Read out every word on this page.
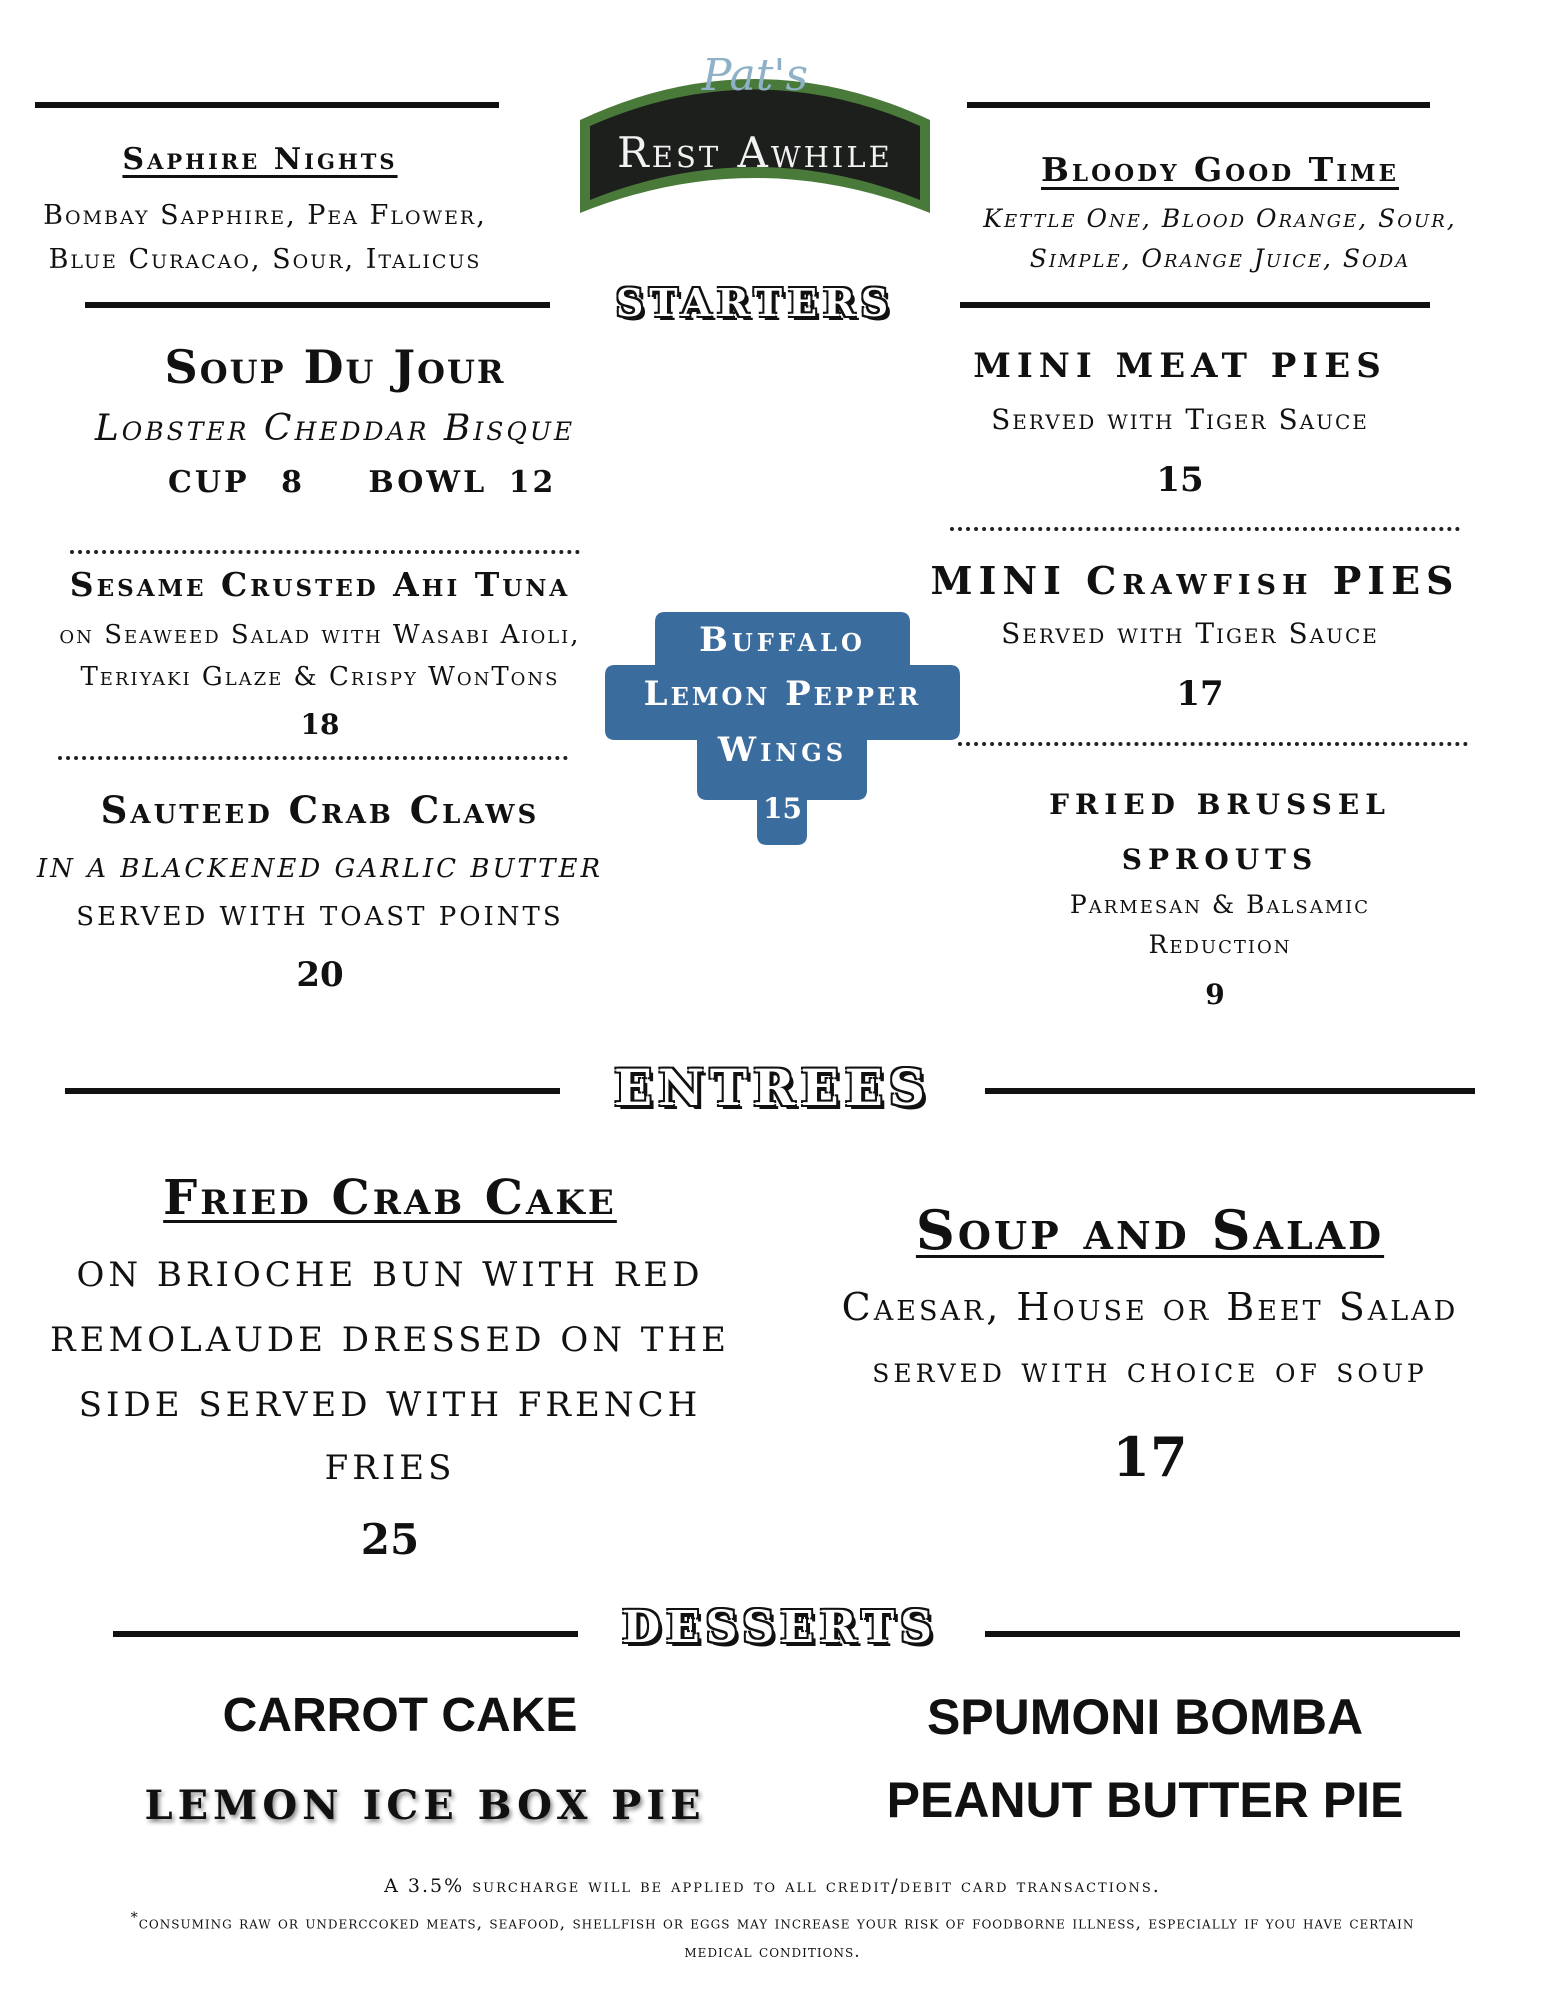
Pat's
Rest Awhile
Saphire Nights
Bombay Sapphire, Pea Flower,
Blue Curacao, Sour, Italicus
Bloody Good Time
Kettle One, Blood Orange, Sour,
Simple, Orange Juice, Soda
STARTERS
Soup Du Jour
Lobster Cheddar Bisque
CUP 8 BOWL 12
Sesame Crusted Ahi Tuna
on Seaweed Salad with Wasabi Aioli,
Teriyaki Glaze & Crispy WonTons
18
Sauteed Crab Claws
IN A BLACKENED GARLIC BUTTER
SERVED WITH TOAST POINTS
20
Buffalo
Lemon Pepper
Wings
15
MINI MEAT PIES
Served with Tiger Sauce
15
MINI Crawfish PIES
Served with Tiger Sauce
17
FRIED BRUSSEL
SPROUTS
Parmesan & Balsamic
Reduction
9
ENTREES
Fried Crab Cake
ON BRIOCHE BUN WITH RED
REMOLAUDE DRESSED ON THE
SIDE SERVED WITH FRENCH
FRIES
25
Soup and Salad
Caesar, House or Beet Salad
served with choice of soup
17
DESSERTS
CARROT CAKE
LEMON ICE BOX PIE
SPUMONI BOMBA
PEANUT BUTTER PIE
A 3.5% surcharge will be applied to all credit/debit card transactions.
*consuming raw or underccoked meats, seafood, shellfish or eggs may increase your risk of foodborne illness, especially if you have certain
medical conditions.
